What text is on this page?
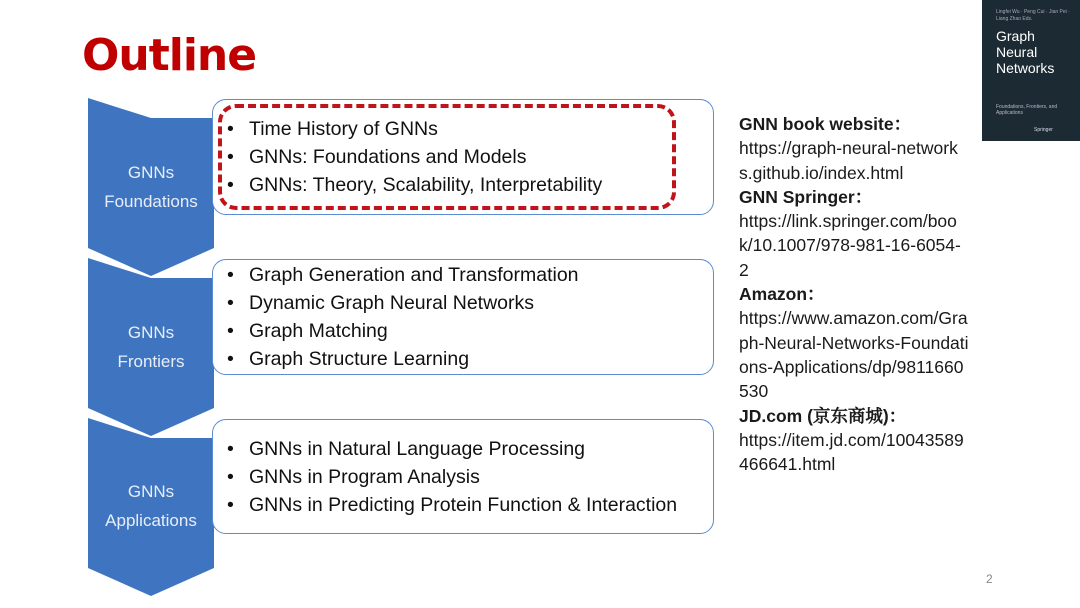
Outline
GNNs
Foundations
GNNs
Frontiers
GNNs
Applications
• Time History of GNNs
• GNNs: Foundations and Models
• GNNs: Theory, Scalability, Interpretability
• Graph Generation and Transformation
• Dynamic Graph Neural Networks
• Graph Matching
• Graph Structure Learning
• GNNs in Natural Language Processing
• GNNs in Program Analysis
• GNNs in Predicting Protein Function & Interaction
GNN book website：
https://graph-neural-networks.github.io/index.html
GNN Springer：
https://link.springer.com/book/10.1007/978-981-16-6054-2
Amazon：
https://www.amazon.com/Graph-Neural-Networks-Foundations-Applications/dp/9811660530
JD.com (京东商城)：
https://item.jd.com/10043589466641.html
Lingfei Wu · Peng Cui · Jian Pei · Liang Zhao Eds.
Graph Neural Networks
Foundations, Frontiers, and Applications
Springer
2
